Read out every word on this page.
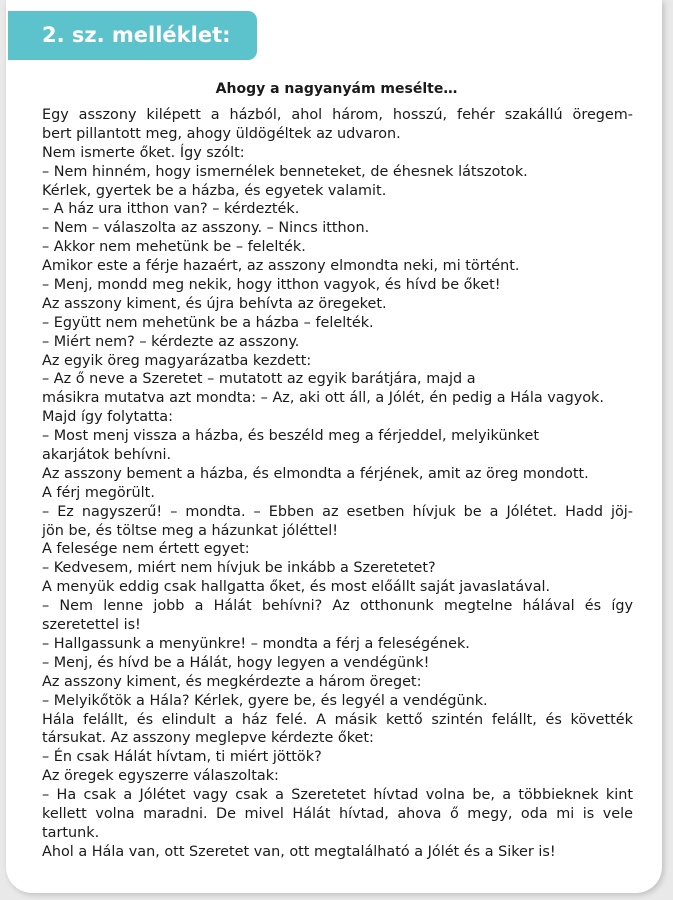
2. sz. melléklet:
Ahogy a nagyanyám mesélte…
Egy asszony kilépett a házból, ahol három, hosszú, fehér szakállú öregem-
bert pillantott meg, ahogy üldögéltek az udvaron.
Nem ismerte őket. Így szólt:
– Nem hinném, hogy ismernélek benneteket, de éhesnek látszotok.
Kérlek, gyertek be a házba, és egyetek valamit.
– A ház ura itthon van? – kérdezték.
– Nem – válaszolta az asszony. – Nincs itthon.
– Akkor nem mehetünk be – felelték.
Amikor este a férje hazaért, az asszony elmondta neki, mi történt.
– Menj, mondd meg nekik, hogy itthon vagyok, és hívd be őket!
Az asszony kiment, és újra behívta az öregeket.
– Együtt nem mehetünk be a házba – felelték.
– Miért nem? – kérdezte az asszony.
Az egyik öreg magyarázatba kezdett:
– Az ő neve a Szeretet – mutatott az egyik barátjára, majd a
másikra mutatva azt mondta: – Az, aki ott áll, a Jólét, én pedig a Hála vagyok.
Majd így folytatta:
– Most menj vissza a házba, és beszéld meg a férjeddel, melyikünket
akarjátok behívni.
Az asszony bement a házba, és elmondta a férjének, amit az öreg mondott.
A férj megörült.
– Ez nagyszerű! – mondta. – Ebben az esetben hívjuk be a Jólétet. Hadd jöj-
jön be, és töltse meg a házunkat jóléttel!
A felesége nem értett egyet:
– Kedvesem, miért nem hívjuk be inkább a Szeretetet?
A menyük eddig csak hallgatta őket, és most előállt saját javaslatával.
– Nem lenne jobb a Hálát behívni? Az otthonunk megtelne hálával és így
szeretettel is!
– Hallgassunk a menyünkre! – mondta a férj a feleségének.
– Menj, és hívd be a Hálát, hogy legyen a vendégünk!
Az asszony kiment, és megkérdezte a három öreget:
– Melyikőtök a Hála? Kérlek, gyere be, és legyél a vendégünk.
Hála felállt, és elindult a ház felé. A másik kettő szintén felállt, és követték
társukat. Az asszony meglepve kérdezte őket:
– Én csak Hálát hívtam, ti miért jöttök?
Az öregek egyszerre válaszoltak:
– Ha csak a Jólétet vagy csak a Szeretetet hívtad volna be, a többieknek kint
kellett volna maradni. De mivel Hálát hívtad, ahova ő megy, oda mi is vele
tartunk.
Ahol a Hála van, ott Szeretet van, ott megtalálható a Jólét és a Siker is!
